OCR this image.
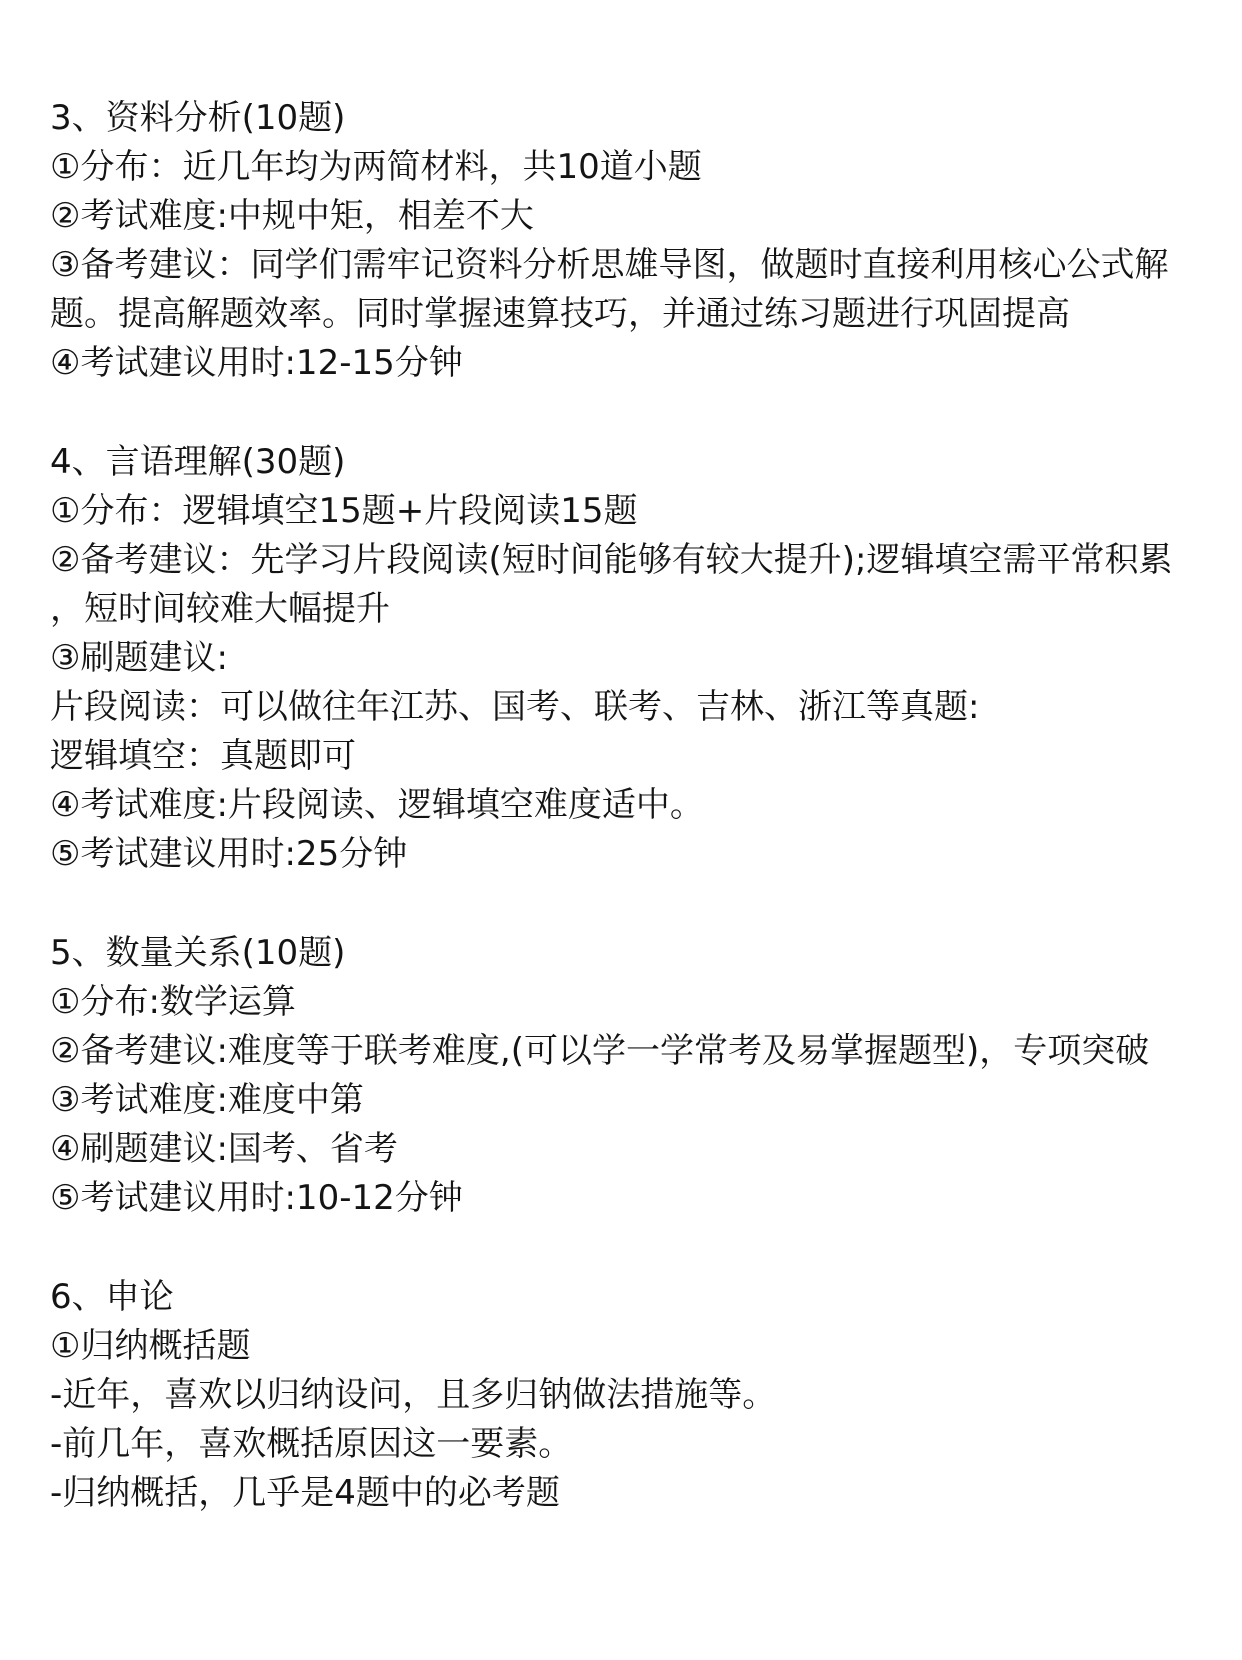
3、资料分析(10题)
①分布：近几年均为两简材料，共10道小题
②考试难度:中规中矩，相差不大
③备考建议：同学们需牢记资料分析思雄导图，做题时直接利用核心公式解
题。提高解题效率。同时掌握速算技巧，并通过练习题进行巩固提高
④考试建议用时:12-15分钟
4、言语理解(30题)
①分布：逻辑填空15题+片段阅读15题
②备考建议：先学习片段阅读(短时间能够有较大提升);逻辑填空需平常积累
，短时间较难大幅提升
③刷题建议:
片段阅读：可以做往年江苏、国考、联考、吉林、浙江等真题:
逻辑填空：真题即可
④考试难度:片段阅读、逻辑填空难度适中。
⑤考试建议用时:25分钟
5、数量关系(10题)
①分布:数学运算
②备考建议:难度等于联考难度,(可以学一学常考及易掌握题型)，专项突破
③考试难度:难度中第
④刷题建议:国考、省考
⑤考试建议用时:10-12分钟
6、申论
①归纳概括题
-近年，喜欢以归纳设问，且多归钠做法措施等。
-前几年，喜欢概括原因这一要素。
-归纳概括，几乎是4题中的必考题
